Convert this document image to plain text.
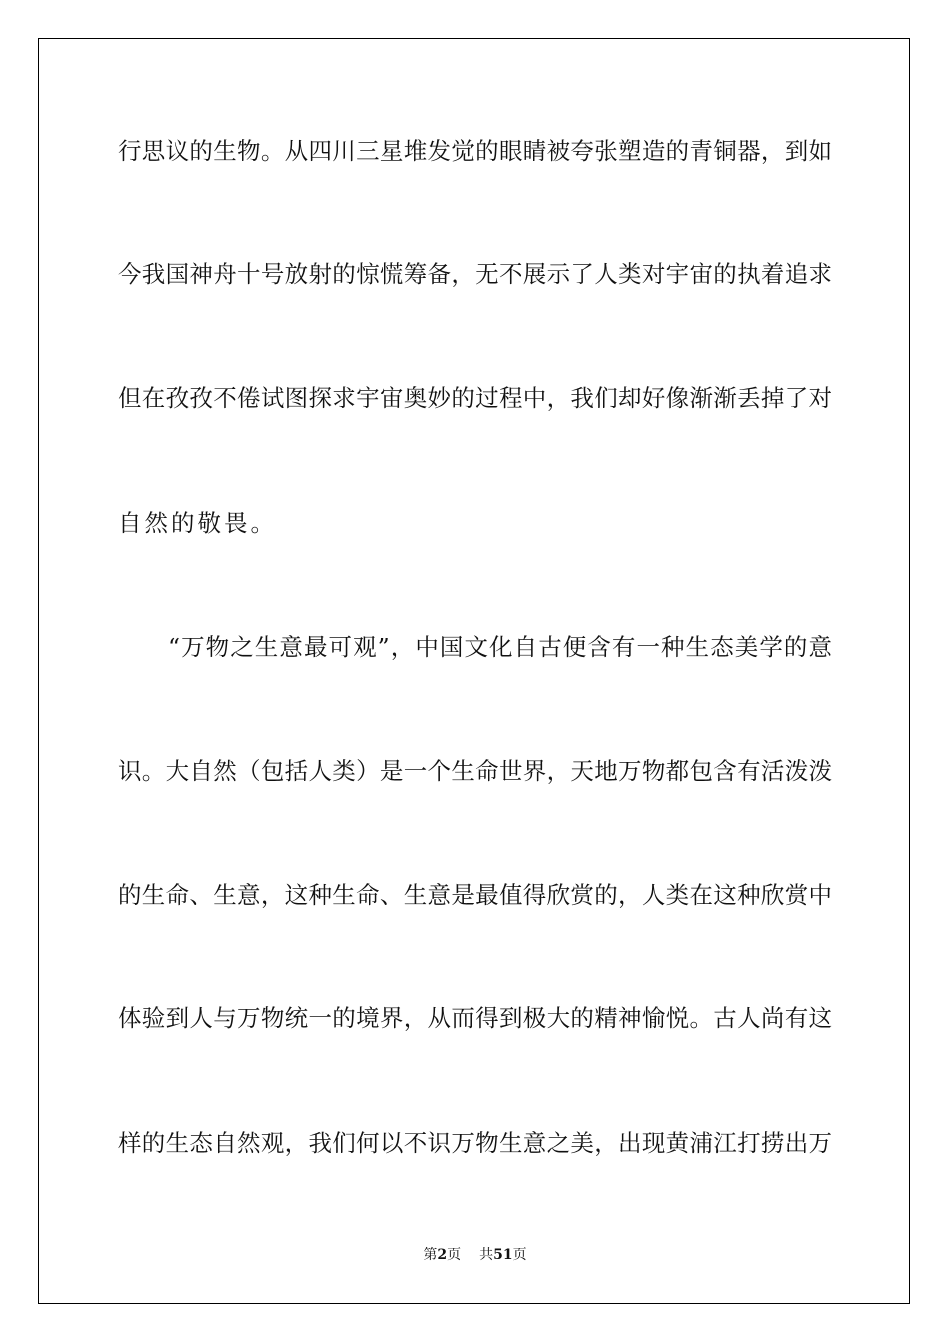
行思议的生物。从四川三星堆发觉的眼睛被夸张塑造的青铜器，到如
今我国神舟十号放射的惊慌筹备，无不展示了人类对宇宙的执着追求
但在孜孜不倦试图探求宇宙奥妙的过程中，我们却好像渐渐丢掉了对
自然的敬畏。
“万物之生意最可观”，中国文化自古便含有一种生态美学的意
识。大自然（包括人类）是一个生命世界，天地万物都包含有活泼泼
的生命、生意，这种生命、生意是最值得欣赏的，人类在这种欣赏中
体验到人与万物统一的境界，从而得到极大的精神愉悦。古人尚有这
样的生态自然观，我们何以不识万物生意之美，出现黄浦江打捞出万
第2页 共51页
